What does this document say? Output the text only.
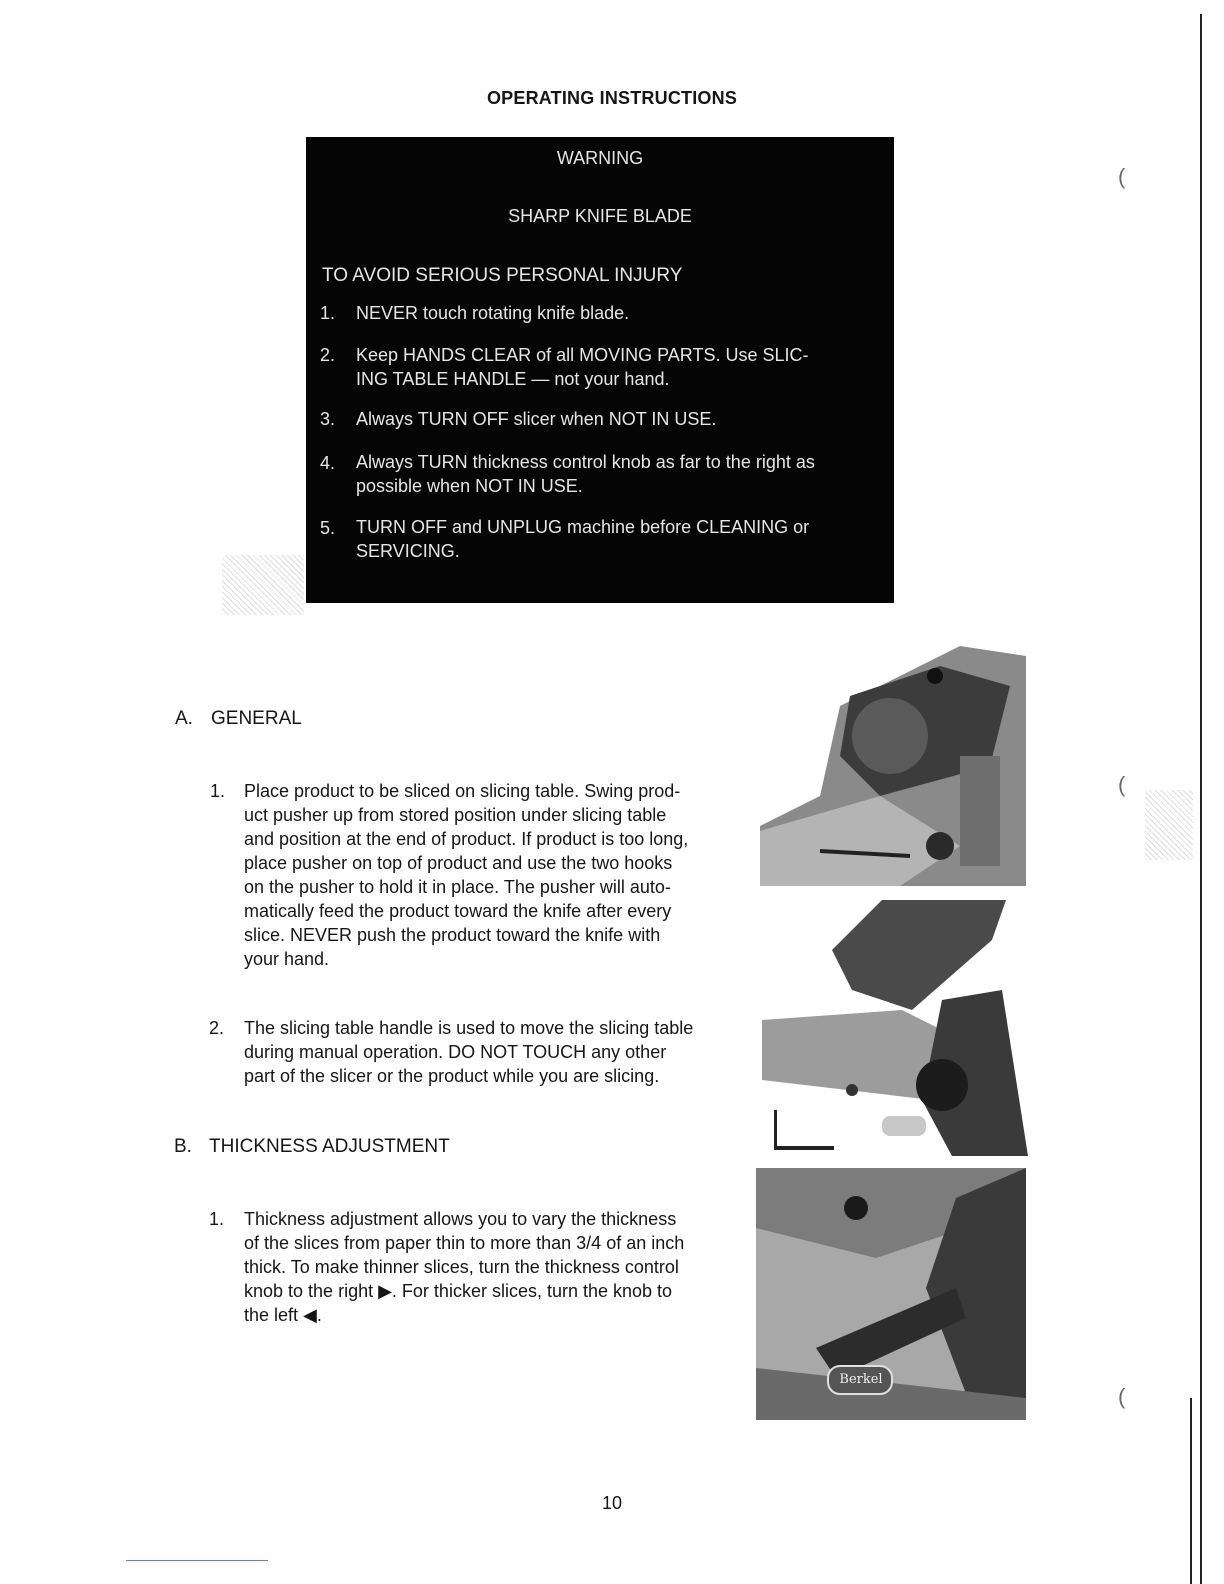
OPERATING INSTRUCTIONS
WARNING
SHARP KNIFE BLADE
TO AVOID SERIOUS PERSONAL INJURY
1. NEVER touch rotating knife blade.
2. Keep HANDS CLEAR of all MOVING PARTS. Use SLIC-
ING TABLE HANDLE — not your hand.
3. Always TURN OFF slicer when NOT IN USE.
4. Always TURN thickness control knob as far to the right as
possible when NOT IN USE.
5. TURN OFF and UNPLUG machine before CLEANING or
SERVICING.
A. GENERAL
1. Place product to be sliced on slicing table. Swing prod-
uct pusher up from stored position under slicing table
and position at the end of product. If product is too long,
place pusher on top of product and use the two hooks
on the pusher to hold it in place. The pusher will auto-
matically feed the product toward the knife after every
slice. NEVER push the product toward the knife with
your hand.
2. The slicing table handle is used to move the slicing table
during manual operation. DO NOT TOUCH any other
part of the slicer or the product while you are slicing.
B. THICKNESS ADJUSTMENT
1. Thickness adjustment allows you to vary the thickness
of the slices from paper thin to more than 3/4 of an inch
thick. To make thinner slices, turn the thickness control
knob to the right ▶. For thicker slices, turn the knob to
the left ◀.
Berkel
10
(
(
(
